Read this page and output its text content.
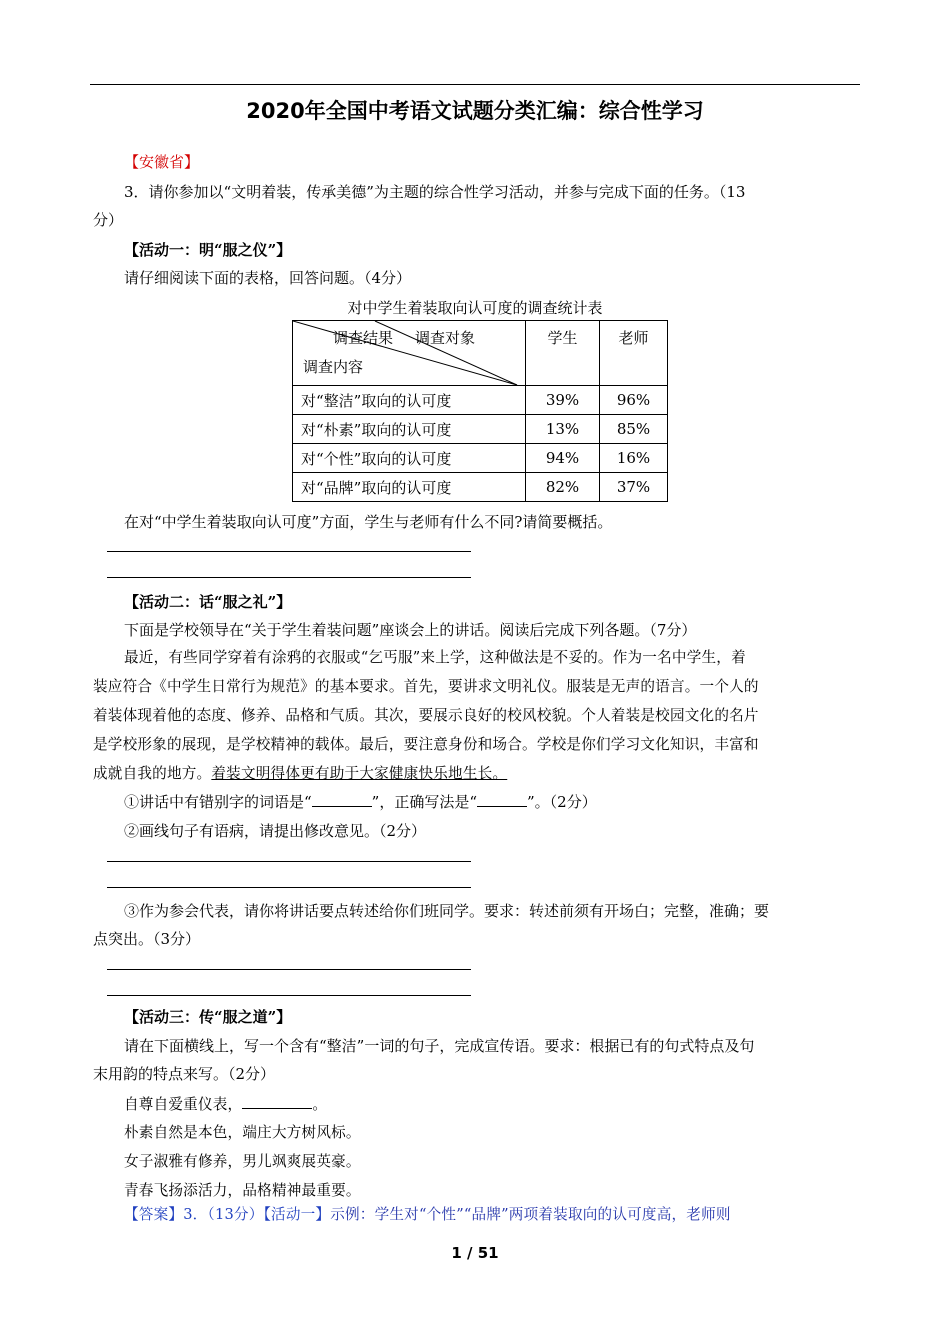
2020年全国中考语文试题分类汇编：综合性学习
【安徽省】
3．请你参加以“文明着装，传承美德”为主题的综合性学习活动，并参与完成下面的任务。（13
分）
【活动一：明“服之仪”】
请仔细阅读下面的表格，回答问题。（4分）
对中学生着装取向认可度的调查统计表
调查结果 调查对象
调查内容	学生	老师
对“整洁”取向的认可度	39%	96%
对“朴素”取向的认可度	13%	85%
对“个性”取向的认可度	94%	16%
对“品牌”取向的认可度	82%	37%
在对“中学生着装取向认可度”方面，学生与老师有什么不同?请简要概括。
【活动二：话“服之礼”】
下面是学校领导在“关于学生着装问题”座谈会上的讲话。阅读后完成下列各题。（7分）
最近，有些同学穿着有涂鸦的衣服或“乞丐服”来上学，这种做法是不妥的。作为一名中学生，着
装应符合《中学生日常行为规范》的基本要求。首先，要讲求文明礼仪。服装是无声的语言。一个人的
着装体现着他的态度、修养、品格和气质。其次，要展示良好的校风校貌。个人着装是校园文化的名片
是学校形象的展现，是学校精神的载体。最后，要注意身份和场合。学校是你们学习文化知识，丰富和
成就自我的地方。着装文明得体更有助于大家健康快乐地生长。
①讲话中有错别字的词语是“	”，正确写法是“	”。（2分）
②画线句子有语病，请提出修改意见。（2分）
③作为参会代表，请你将讲话要点转述给你们班同学。要求：转述前须有开场白；完整，准确；要
点突出。（3分）
【活动三：传“服之道”】
请在下面横线上，写一个含有“整洁”一词的句子，完成宣传语。要求：根据已有的句式特点及句
末用韵的特点来写。（2分）
自尊自爱重仪表，	。
朴素自然是本色，端庄大方树风标。
女子淑雅有修养，男儿飒爽展英豪。
青春飞扬添活力，品格精神最重要。
【答案】3．（13分）【活动一】示例：学生对“个性”“品牌”两项着装取向的认可度高，老师则
1 / 51
